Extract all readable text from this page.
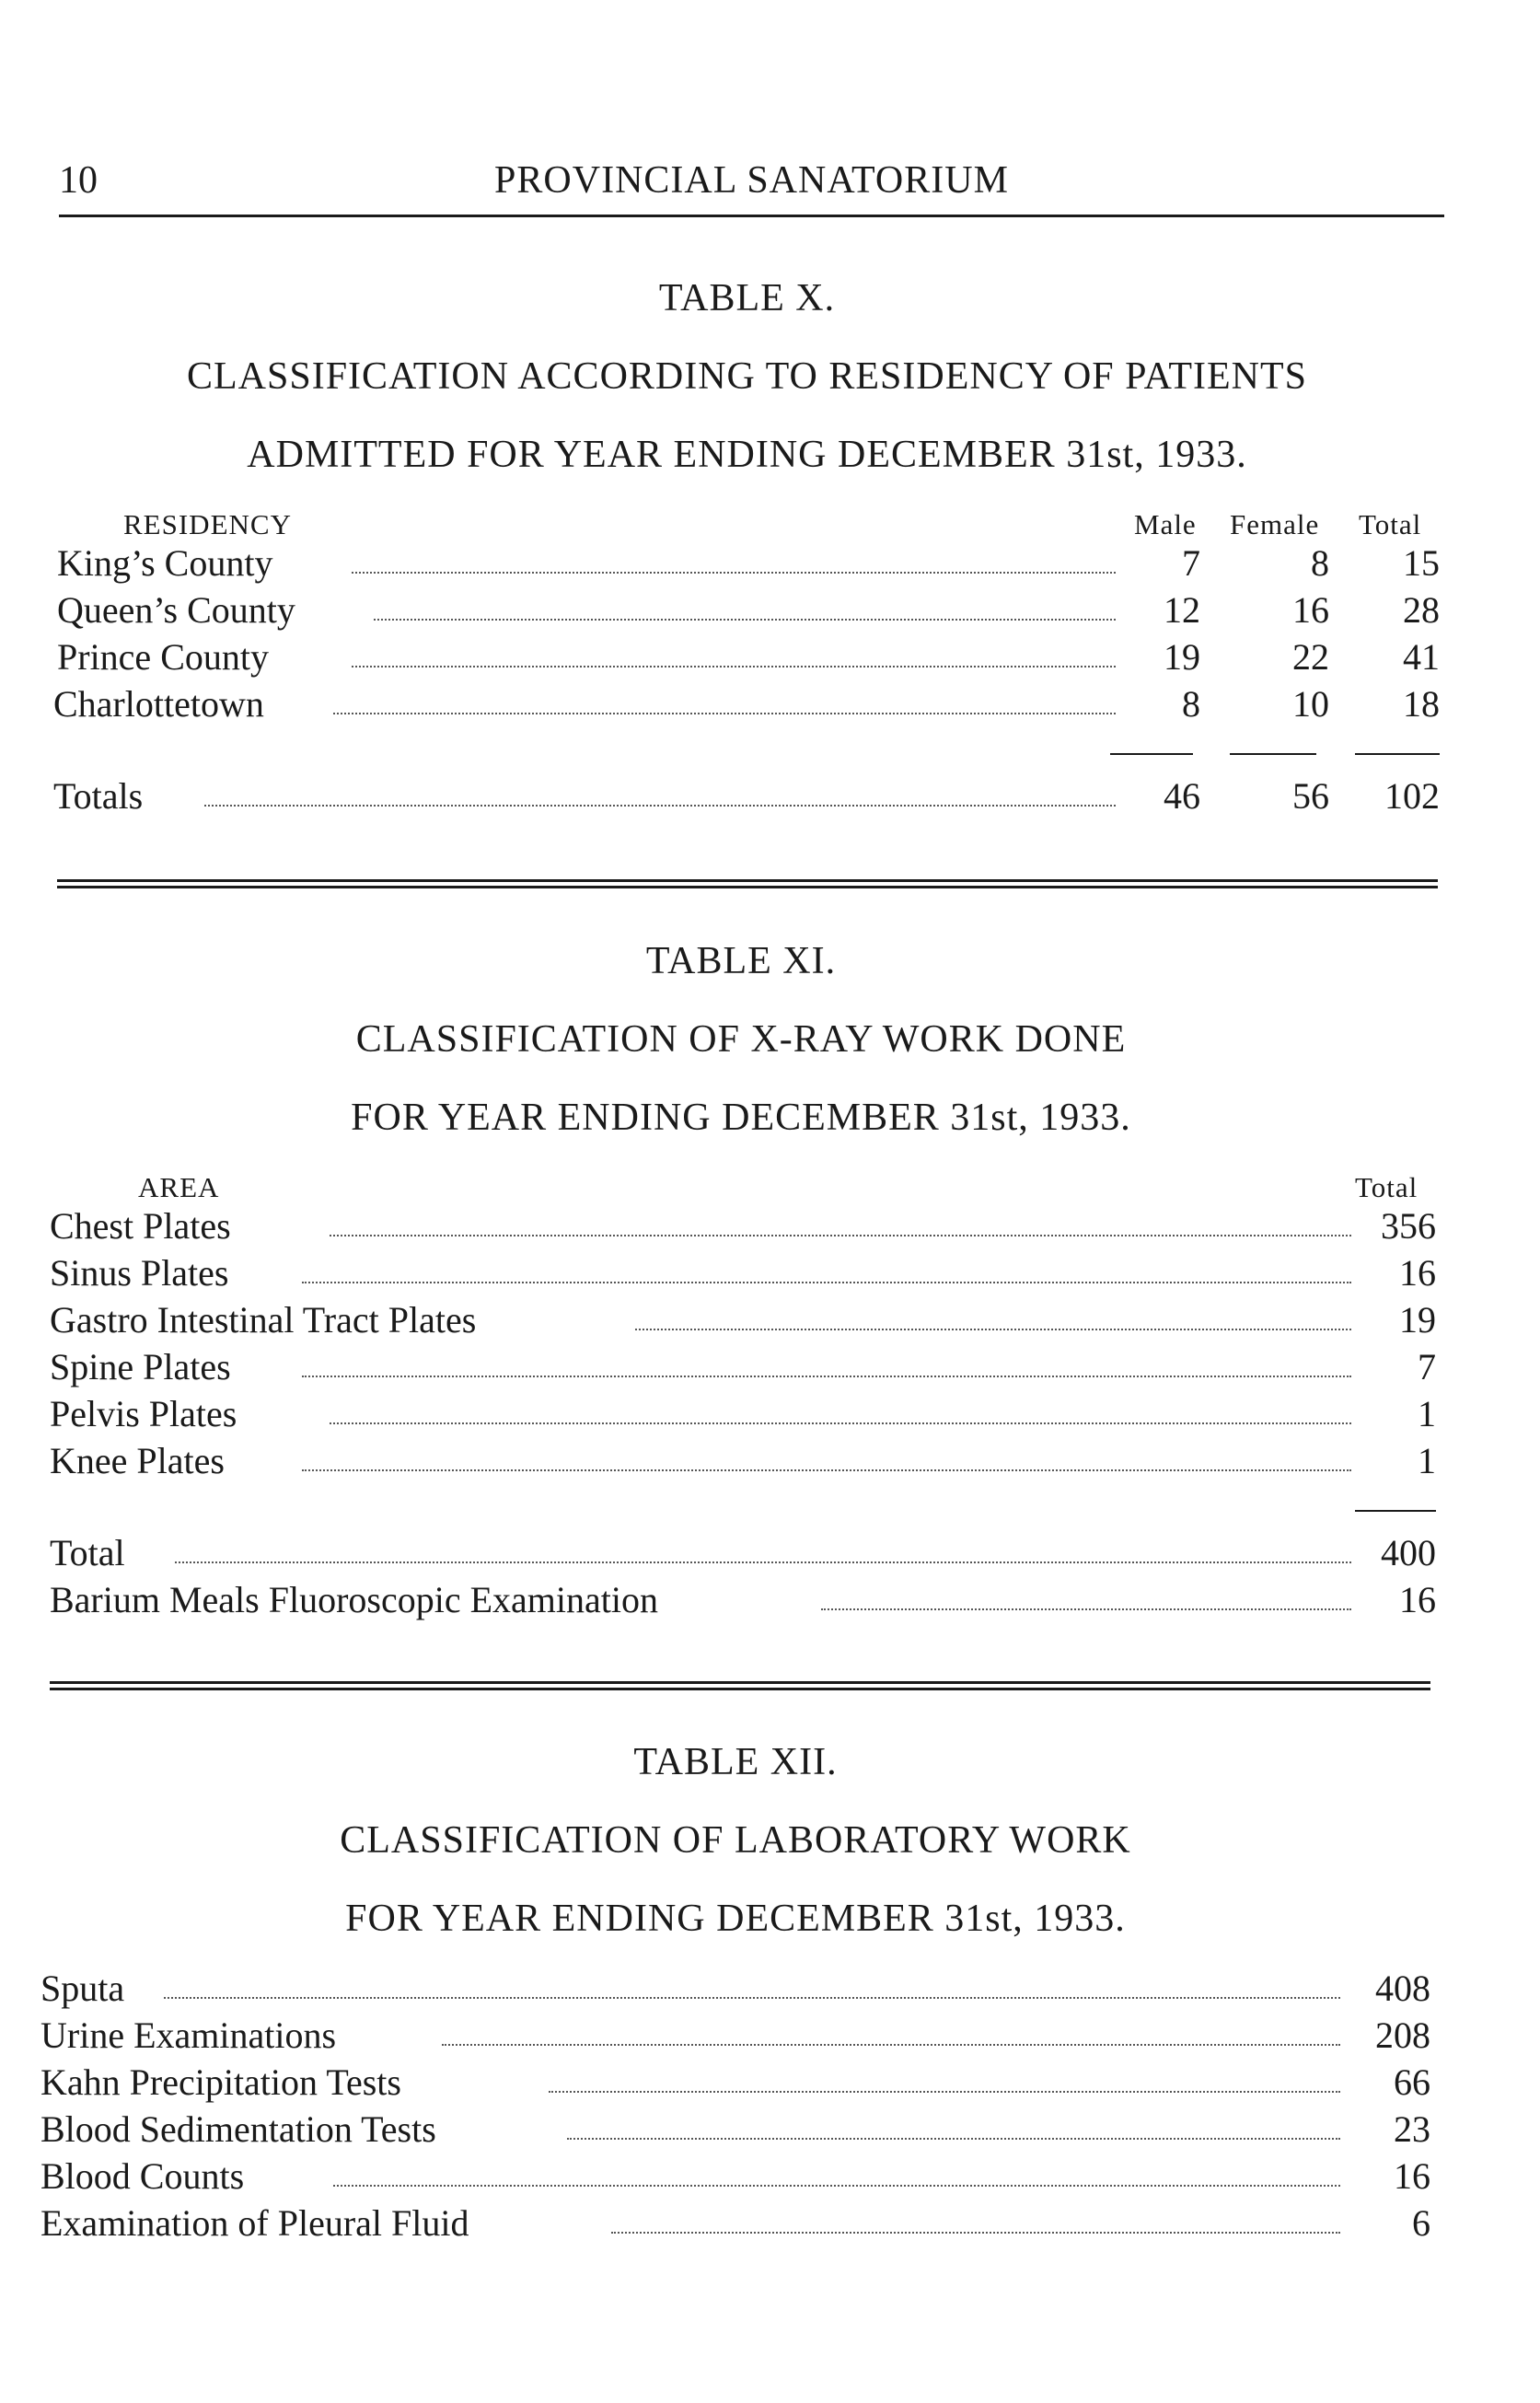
10	PROVINCIAL SANATORIUM
TABLE X.
CLASSIFICATION ACCORDING TO RESIDENCY OF PATIENTS
ADMITTED FOR YEAR ENDING DECEMBER 31st, 1933.
RESIDENCY	Male Female Total
King’s County	7	8	15
Queen’s County	12	16	28
Prince County	19	22	41
Charlottetown	8	10	18
Totals	46	56	102
TABLE XI.
CLASSIFICATION OF X-RAY WORK DONE
FOR YEAR ENDING DECEMBER 31st, 1933.
AREA	Total
Chest Plates	356
Sinus Plates	16
Gastro Intestinal Tract Plates	19
Spine Plates	7
Pelvis Plates	1
Knee Plates	1
Total	400
Barium Meals Fluoroscopic Examination	16
TABLE XII.
CLASSIFICATION OF LABORATORY WORK
FOR YEAR ENDING DECEMBER 31st, 1933.
Sputa	408
Urine Examinations	208
Kahn Precipitation Tests	66
Blood Sedimentation Tests	23
Blood Counts	16
Examination of Pleural Fluid	6
